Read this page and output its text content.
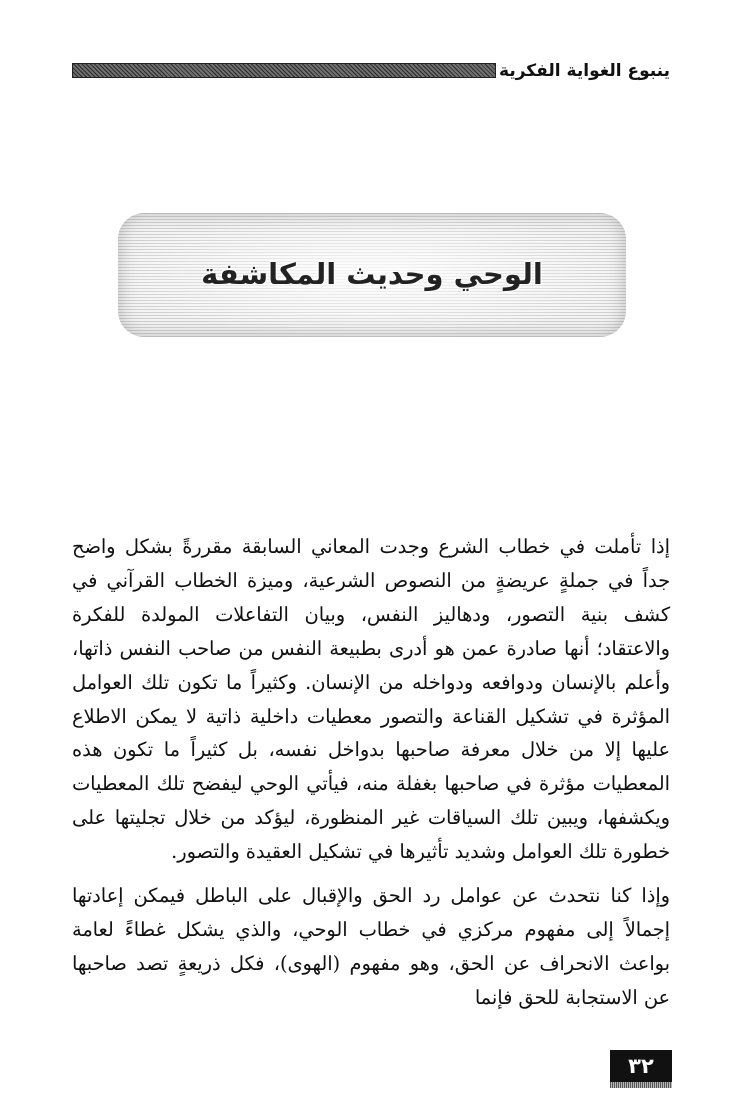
ينبوع الغواية الفكرية
الوحي وحديث المكاشفة

إذا تأملت في خطاب الشرع وجدت المعاني السابقة مقررةً بشكل واضح جداً في جملةٍ عريضةٍ من النصوص الشرعية، وميزة الخطاب القرآني في كشف بنية التصور، ودهاليز النفس، وبيان التفاعلات المولدة للفكرة والاعتقاد؛ أنها صادرة عمن هو أدرى بطبيعة النفس من صاحب النفس ذاتها، وأعلم بالإنسان ودوافعه ودواخله من الإنسان. وكثيراً ما تكون تلك العوامل المؤثرة في تشكيل القناعة والتصور معطيات داخلية ذاتية لا يمكن الاطلاع عليها إلا من خلال معرفة صاحبها بدواخل نفسه، بل كثيراً ما تكون هذه المعطيات مؤثرة في صاحبها بغفلة منه، فيأتي الوحي ليفضح تلك المعطيات ويكشفها، ويبين تلك السياقات غير المنظورة، ليؤكد من خلال تجليتها على خطورة تلك العوامل وشديد تأثيرها في تشكيل العقيدة والتصور.

وإذا كنا نتحدث عن عوامل رد الحق والإقبال على الباطل فيمكن إعادتها إجمالاً إلى مفهوم مركزي في خطاب الوحي، والذي يشكل غطاءً لعامة بواعث الانحراف عن الحق، وهو مفهوم (الهوى)، فكل ذريعةٍ تصد صاحبها عن الاستجابة للحق فإنما

٣٢
